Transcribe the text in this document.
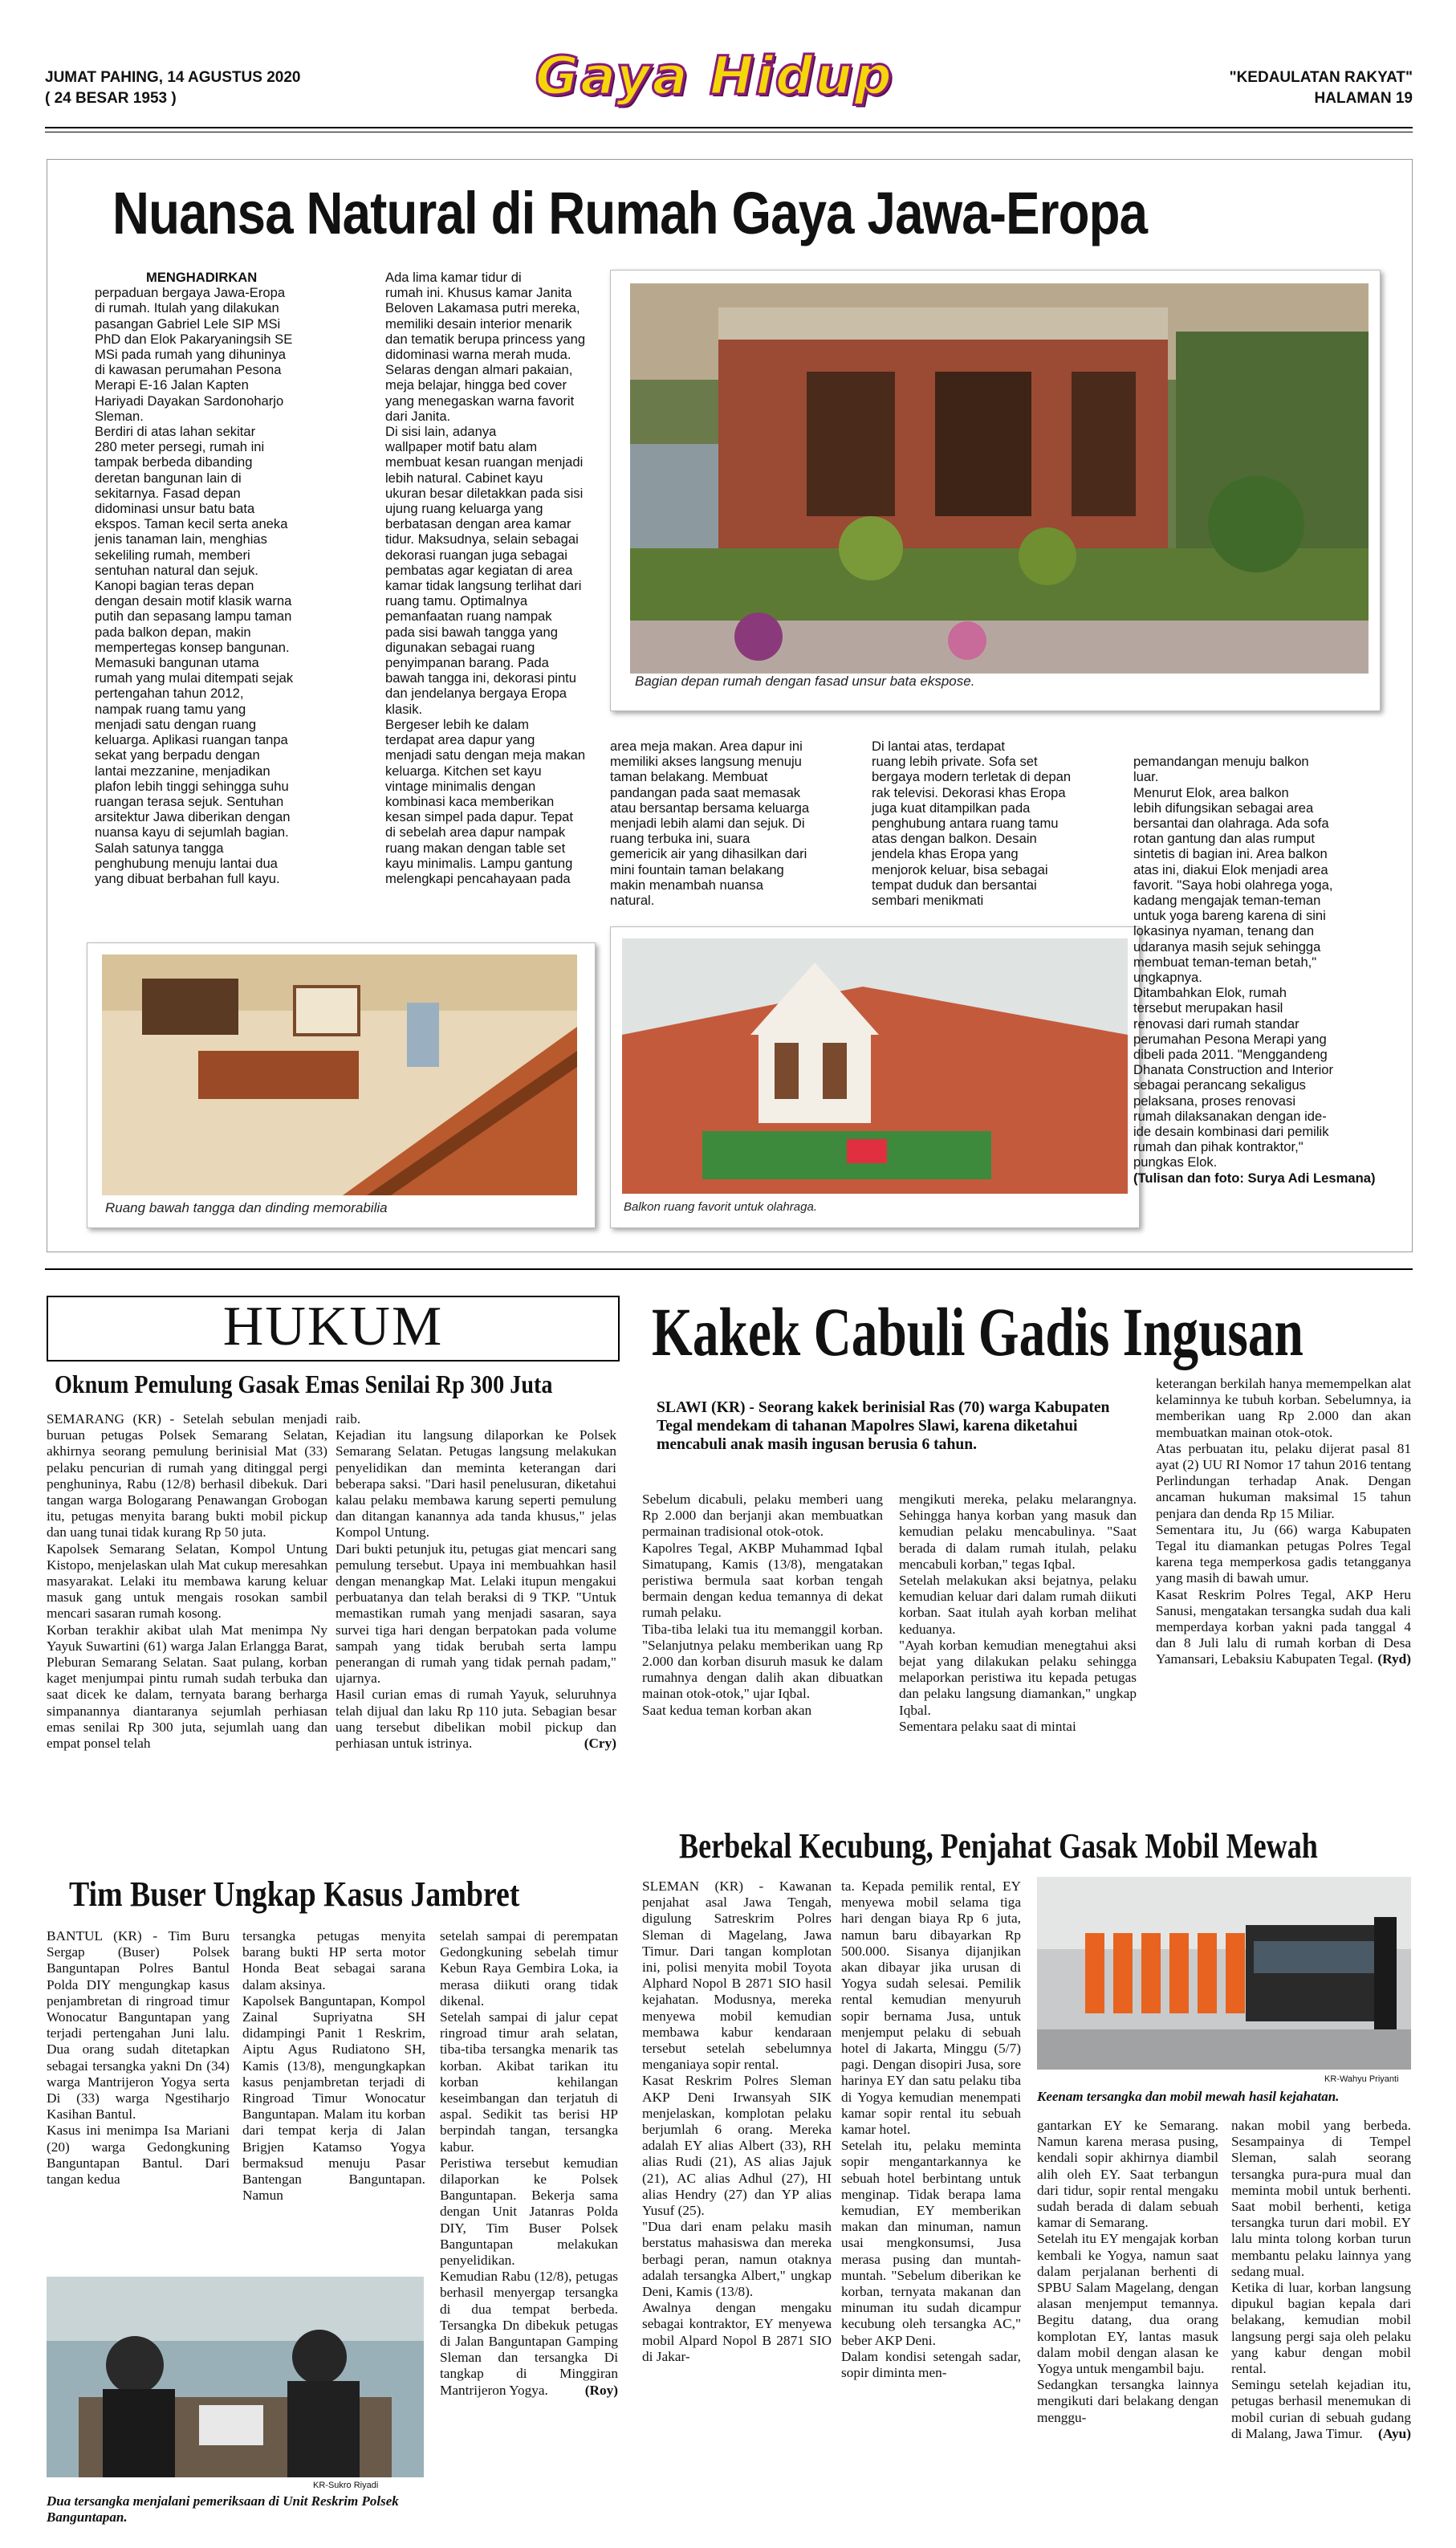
JUMAT PAHING, 14 AGUSTUS 2020
( 24 BESAR 1953 )	Gaya Hidup	"KEDAULATAN RAKYAT"
HALAMAN 19
Nuansa Natural di Rumah Gaya Jawa-Eropa
MENGHADIRKAN
perpaduan bergaya Jawa-Eropa
di rumah. Itulah yang dilakukan
pasangan Gabriel Lele SIP MSi
PhD dan Elok Pakaryaningsih SE
MSi pada rumah yang dihuninya
di kawasan perumahan Pesona
Merapi E-16 Jalan Kapten
Hariyadi Dayakan Sardonoharjo
Sleman.
Berdiri di atas lahan sekitar
280 meter persegi, rumah ini
tampak berbeda dibanding
deretan bangunan lain di
sekitarnya. Fasad depan
didominasi unsur batu bata
ekspos. Taman kecil serta aneka
jenis tanaman lain, menghias
sekeliling rumah, memberi
sentuhan natural dan sejuk.
Kanopi bagian teras depan
dengan desain motif klasik warna
putih dan sepasang lampu taman
pada balkon depan, makin
mempertegas konsep bangunan.
Memasuki bangunan utama
rumah yang mulai ditempati sejak
pertengahan tahun 2012,
nampak ruang tamu yang
menjadi satu dengan ruang
keluarga. Aplikasi ruangan tanpa
sekat yang berpadu dengan
lantai mezzanine, menjadikan
plafon lebih tinggi sehingga suhu
ruangan terasa sejuk. Sentuhan
arsitektur Jawa diberikan dengan
nuansa kayu di sejumlah bagian.
Salah satunya tangga
penghubung menuju lantai dua
yang dibuat berbahan full kayu.
Ada lima kamar tidur di
rumah ini. Khusus kamar Janita
Beloven Lakamasa putri mereka,
memiliki desain interior menarik
dan tematik berupa princess yang
didominasi warna merah muda.
Selaras dengan almari pakaian,
meja belajar, hingga bed cover
yang menegaskan warna favorit
dari Janita.
Di sisi lain, adanya
wallpaper motif batu alam
membuat kesan ruangan menjadi
lebih natural. Cabinet kayu
ukuran besar diletakkan pada sisi
ujung ruang keluarga yang
berbatasan dengan area kamar
tidur. Maksudnya, selain sebagai
dekorasi ruangan juga sebagai
pembatas agar kegiatan di area
kamar tidak langsung terlihat dari
ruang tamu. Optimalnya
pemanfaatan ruang nampak
pada sisi bawah tangga yang
digunakan sebagai ruang
penyimpanan barang. Pada
bawah tangga ini, dekorasi pintu
dan jendelanya bergaya Eropa
klasik.
Bergeser lebih ke dalam
terdapat area dapur yang
menjadi satu dengan meja makan
keluarga. Kitchen set kayu
vintage minimalis dengan
kombinasi kaca memberikan
kesan simpel pada dapur. Tepat
di sebelah area dapur nampak
ruang makan dengan table set
kayu minimalis. Lampu gantung
melengkapi pencahayaan pada
Bagian depan rumah dengan fasad unsur bata ekspose.
Ruang bawah tangga dan dinding memorabilia
area meja makan. Area dapur ini
memiliki akses langsung menuju
taman belakang. Membuat
pandangan pada saat memasak
atau bersantap bersama keluarga
menjadi lebih alami dan sejuk. Di
ruang terbuka ini, suara
gemericik air yang dihasilkan dari
mini fountain taman belakang
makin menambah nuansa
natural.
Di lantai atas, terdapat
ruang lebih private. Sofa set
bergaya modern terletak di depan
rak televisi. Dekorasi khas Eropa
juga kuat ditampilkan pada
penghubung antara ruang tamu
atas dengan balkon. Desain
jendela khas Eropa yang
menjorok keluar, bisa sebagai
tempat duduk dan bersantai
sembari menikmati
Balkon ruang favorit untuk olahraga.

pemandangan menuju balkon
luar.
Menurut Elok, area balkon
lebih difungsikan sebagai area
bersantai dan olahraga. Ada sofa
rotan gantung dan alas rumput
sintetis di bagian ini. Area balkon
atas ini, diakui Elok menjadi area
favorit. "Saya hobi olahrega yoga,
kadang mengajak teman-teman
untuk yoga bareng karena di sini
lokasinya nyaman, tenang dan
udaranya masih sejuk sehingga
membuat teman-teman betah,"
ungkapnya.
Ditambahkan Elok, rumah
tersebut merupakan hasil
renovasi dari rumah standar
perumahan Pesona Merapi yang
dibeli pada 2011. "Menggandeng
Dhanata Construction and Interior
sebagai perancang sekaligus
pelaksana, proses renovasi
rumah dilaksanakan dengan ide-
ide desain kombinasi dari pemilik
rumah dan pihak kontraktor,"
pungkas Elok.
(Tulisan dan foto: Surya Adi Lesmana)

HUKUM
Oknum Pemulung Gasak Emas Senilai Rp 300 Juta
SEMARANG (KR) - Setelah sebulan menjadi buruan petugas Polsek Semarang Selatan, akhirnya seorang pemulung berinisial Mat (33) pelaku pencurian di rumah yang ditinggal pergi penghuninya, Rabu (12/8) berhasil dibekuk. Dari tangan warga Bologarang Penawangan Grobogan itu, petugas menyita barang bukti mobil pickup dan uang tunai tidak kurang Rp 50 juta.
Kapolsek Semarang Selatan, Kompol Untung Kistopo, menjelaskan ulah Mat cukup meresahkan masyarakat. Lelaki itu membawa karung keluar masuk gang untuk mengais rosokan sambil mencari sasaran rumah kosong.
Korban terakhir akibat ulah Mat menimpa Ny Yayuk Suwartini (61) warga Jalan Erlangga Barat, Pleburan Semarang Selatan. Saat pulang, korban kaget menjumpai pintu rumah sudah terbuka dan saat dicek ke dalam, ternyata barang berharga simpanannya diantaranya sejumlah perhiasan emas senilai Rp 300 juta, sejumlah uang dan empat ponsel telah
raib.
Kejadian itu langsung dilaporkan ke Polsek Semarang Selatan. Petugas langsung melakukan penyelidikan dan meminta keterangan dari beberapa saksi. "Dari hasil penelusuran, diketahui kalau pelaku membawa karung seperti pemulung dan ditangan kanannya ada tanda khusus," jelas Kompol Untung.
Dari bukti petunjuk itu, petugas giat mencari sang pemulung tersebut. Upaya ini membuahkan hasil dengan menangkap Mat. Lelaki itupun mengakui perbuatanya dan telah beraksi di 9 TKP. "Untuk memastikan rumah yang menjadi sasaran, saya survei tiga hari dengan berpatokan pada volume sampah yang tidak berubah serta lampu penerangan di rumah yang tidak pernah padam," ujarnya.
Hasil curian emas di rumah Yayuk, seluruhnya telah dijual dan laku Rp 110 juta. Sebagian besar uang tersebut dibelikan mobil pickup dan perhiasan untuk istrinya.	(Cry)
Kakek Cabuli Gadis Ingusan
SLAWI (KR) - Seorang kakek berinisial Ras (70) warga Kabupaten Tegal mendekam di tahanan Mapolres Slawi, karena diketahui mencabuli anak masih ingusan berusia 6 tahun.
Sebelum dicabuli, pelaku memberi uang Rp 2.000 dan berjanji akan membuatkan permainan tradisional otok-otok.
Kapolres Tegal, AKBP Muhammad Iqbal Simatupang, Kamis (13/8), mengatakan peristiwa bermula saat korban tengah bermain dengan kedua temannya di dekat rumah pelaku.
Tiba-tiba lelaki tua itu memanggil korban. "Selanjutnya pelaku memberikan uang Rp 2.000 dan korban disuruh masuk ke dalam rumahnya dengan dalih akan dibuatkan mainan otok-otok," ujar Iqbal.
Saat kedua teman korban akan
mengikuti mereka, pelaku melarangnya. Sehingga hanya korban yang masuk dan kemudian pelaku mencabulinya. "Saat berada di dalam rumah itulah, pelaku mencabuli korban," tegas Iqbal.
Setelah melakukan aksi bejatnya, pelaku kemudian keluar dari dalam rumah diikuti korban. Saat itulah ayah korban melihat keduanya.
"Ayah korban kemudian menegtahui aksi bejat yang dilakukan pelaku sehingga melaporkan peristiwa itu kepada petugas dan pelaku langsung diamankan," ungkap Iqbal.
Sementara pelaku saat di mintai
keterangan berkilah hanya memempelkan alat kelaminnya ke tubuh korban. Sebelumnya, ia memberikan uang Rp 2.000 dan akan membuatkan mainan otok-otok.
Atas perbuatan itu, pelaku dijerat pasal 81 ayat (2) UU RI Nomor 17 tahun 2016 tentang Perlindungan terhadap Anak. Dengan ancaman hukuman maksimal 15 tahun penjara dan denda Rp 15 Miliar.
Sementara itu, Ju (66) warga Kabupaten Tegal itu diamankan petugas Polres Tegal karena tega memperkosa gadis tetangganya yang masih di bawah umur.
Kasat Reskrim Polres Tegal, AKP Heru Sanusi, mengatakan tersangka sudah dua kali memperdaya korban yakni pada tanggal 4 dan 8 Juli lalu di rumah korban di Desa Yamansari, Lebaksiu Kabupaten Tegal. (Ryd)
Tim Buser Ungkap Kasus Jambret
BANTUL (KR) - Tim Buru Sergap (Buser) Polsek Banguntapan Polres Bantul Polda DIY mengungkap kasus penjambretan di ringroad timur Wonocatur Banguntapan yang terjadi pertengahan Juni lalu. Dua orang sudah ditetapkan sebagai tersangka yakni Dn (34) warga Mantrijeron Yogya serta Di (33) warga Ngestiharjo Kasihan Bantul.
Kasus ini menimpa Isa Mariani (20) warga Gedongkuning Banguntapan Bantul. Dari tangan kedua
tersangka petugas menyita barang bukti HP serta motor Honda Beat sebagai sarana dalam aksinya.
Kapolsek Banguntapan, Kompol Zainal Supriyatna SH didampingi Panit 1 Reskrim, Aiptu Agus Rudiatono SH, Kamis (13/8), mengungkapkan kasus penjambretan terjadi di Ringroad Timur Wonocatur Banguntapan. Malam itu korban dari tempat kerja di Jalan Brigjen Katamso Yogya bermaksud menuju Pasar Bantengan Banguntapan. Namun
setelah sampai di perempatan Gedongkuning sebelah timur Kebun Raya Gembira Loka, ia merasa diikuti orang tidak dikenal.
Setelah sampai di jalur cepat ringroad timur arah selatan, tiba-tiba tersangka menarik tas korban. Akibat tarikan itu korban kehilangan keseimbangan dan terjatuh di aspal. Sedikit tas berisi HP berpindah tangan, tersangka kabur.
Peristiwa tersebut kemudian dilaporkan ke Polsek Banguntapan. Bekerja sama dengan Unit Jatanras Polda DIY, Tim Buser Polsek Banguntapan melakukan penyelidikan.
Kemudian Rabu (12/8), petugas berhasil menyergap tersangka di dua tempat berbeda. Tersangka Dn dibekuk petugas di Jalan Banguntapan Gamping Sleman dan tersangka Di tangkap di Minggiran Mantrijeron Yogya.	(Roy)
KR-Sukro Riyadi
Dua tersangka menjalani pemeriksaan di Unit Reskrim Polsek Banguntapan.
Berbekal Kecubung, Penjahat Gasak Mobil Mewah
SLEMAN (KR) - Kawanan penjahat asal Jawa Tengah, digulung Satreskrim Polres Sleman di Magelang, Jawa Timur. Dari tangan komplotan ini, polisi menyita mobil Toyota Alphard Nopol B 2871 SIO hasil kejahatan. Modusnya, mereka menyewa mobil kemudian membawa kabur kendaraan tersebut setelah sebelumnya menganiaya sopir rental.
Kasat Reskrim Polres Sleman AKP Deni Irwansyah SIK menjelaskan, komplotan pelaku berjumlah 6 orang. Mereka adalah EY alias Albert (33), RH alias Rudi (21), AS alias Jajuk (21), AC alias Adhul (27), HI alias Hendry (27) dan YP alias Yusuf (25).
"Dua dari enam pelaku masih berstatus mahasiswa dan mereka berbagi peran, namun otaknya adalah tersangka Albert," ungkap Deni, Kamis (13/8).
Awalnya dengan mengaku sebagai kontraktor, EY menyewa mobil Alpard Nopol B 2871 SIO di Jakar-
ta. Kepada pemilik rental, EY menyewa mobil selama tiga hari dengan biaya Rp 6 juta, namun baru dibayarkan Rp 500.000. Sisanya dijanjikan akan dibayar jika urusan di Yogya sudah selesai. Pemilik rental kemudian menyuruh sopir bernama Jusa, untuk menjemput pelaku di sebuah hotel di Jakarta, Minggu (5/7) pagi. Dengan disopiri Jusa, sore harinya EY dan satu pelaku tiba di Yogya kemudian menempati kamar sopir rental itu sebuah kamar hotel.
Setelah itu, pelaku meminta sopir mengantarkannya ke sebuah hotel berbintang untuk menginap. Tidak berapa lama kemudian, EY memberikan makan dan minuman, namun usai mengkonsumsi, Jusa merasa pusing dan muntah-muntah. "Sebelum diberikan ke korban, ternyata makanan dan minuman itu sudah dicampur kecubung oleh tersangka AC," beber AKP Deni.
Dalam kondisi setengah sadar, sopir diminta men-
KR-Wahyu Priyanti
Keenam tersangka dan mobil mewah hasil kejahatan.
gantarkan EY ke Semarang. Namun karena merasa pusing, kendali sopir akhirnya diambil alih oleh EY. Saat terbangun dari tidur, sopir rental mengaku sudah berada di dalam sebuah kamar di Semarang.
Setelah itu EY mengajak korban kembali ke Yogya, namun saat dalam perjalanan berhenti di SPBU Salam Magelang, dengan alasan menjemput temannya. Begitu datang, dua orang komplotan EY, lantas masuk dalam mobil dengan alasan ke Yogya untuk mengambil baju.
Sedangkan tersangka lainnya mengikuti dari belakang dengan menggu-
nakan mobil yang berbeda. Sesampainya di Tempel Sleman, salah seorang tersangka pura-pura mual dan meminta mobil untuk berhenti. Saat mobil berhenti, ketiga tersangka turun dari mobil. EY lalu minta tolong korban turun membantu pelaku lainnya yang sedang mual.
Ketika di luar, korban langsung dipukul bagian kepala dari belakang, kemudian mobil langsung pergi saja oleh pelaku yang kabur dengan mobil rental.
Semingu setelah kejadian itu, petugas berhasil menemukan di mobil curian di sebuah gudang di Malang, Jawa Timur. (Ayu)
